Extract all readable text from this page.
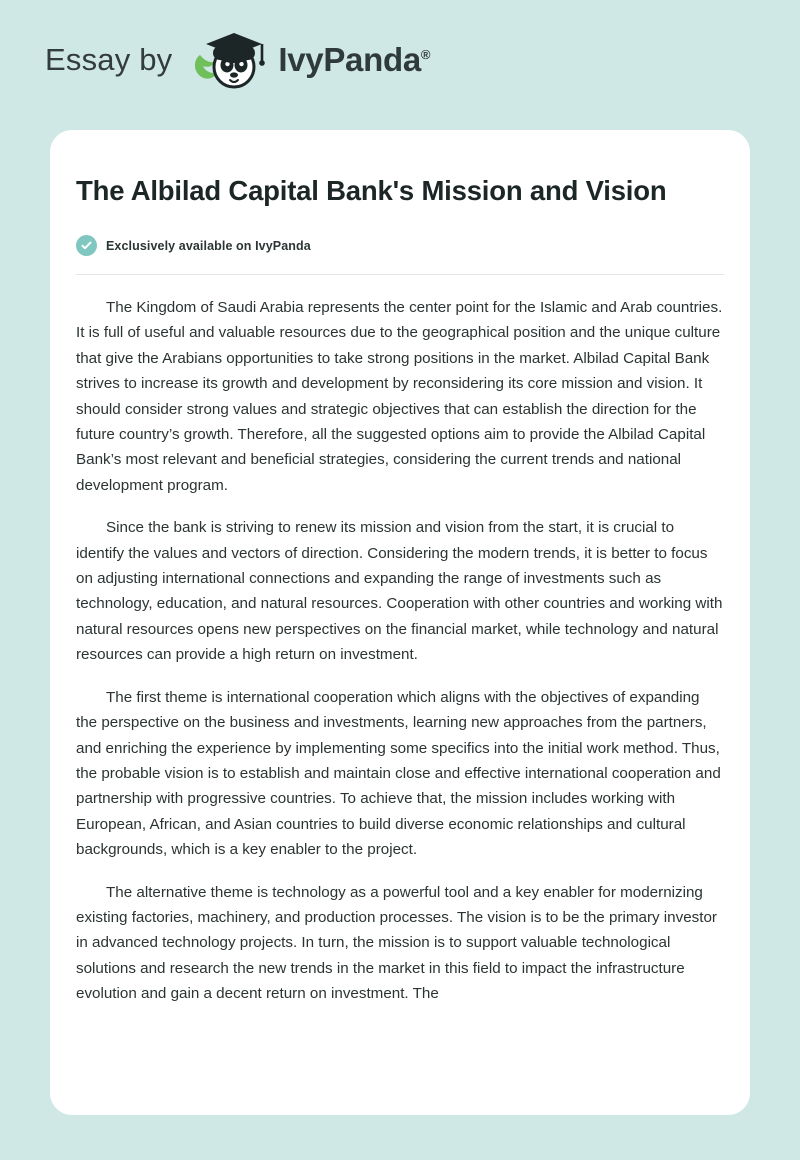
Essay by	IvyPanda®
The Albilad Capital Bank's Mission and Vision
Exclusively available on IvyPanda

The Kingdom of Saudi Arabia represents the center point for the Islamic and Arab countries. It is full of useful and valuable resources due to the geographical position and the unique culture that give the Arabians opportunities to take strong positions in the market. Albilad Capital Bank strives to increase its growth and development by reconsidering its core mission and vision. It should consider strong values and strategic objectives that can establish the direction for the future country’s growth. Therefore, all the suggested options aim to provide the Albilad Capital Bank’s most relevant and beneficial strategies, considering the current trends and national development program.

Since the bank is striving to renew its mission and vision from the start, it is crucial to identify the values and vectors of direction. Considering the modern trends, it is better to focus on adjusting international connections and expanding the range of investments such as technology, education, and natural resources. Cooperation with other countries and working with natural resources opens new perspectives on the financial market, while technology and natural resources can provide a high return on investment.

The first theme is international cooperation which aligns with the objectives of expanding the perspective on the business and investments, learning new approaches from the partners, and enriching the experience by implementing some specifics into the initial work method. Thus, the probable vision is to establish and maintain close and effective international cooperation and partnership with progressive countries. To achieve that, the mission includes working with European, African, and Asian countries to build diverse economic relationships and cultural backgrounds, which is a key enabler to the project.

The alternative theme is technology as a powerful tool and a key enabler for modernizing existing factories, machinery, and production processes. The vision is to be the primary investor in advanced technology projects. In turn, the mission is to support valuable technological solutions and research the new trends in the market in this field to impact the infrastructure evolution and gain a decent return on investment. The
